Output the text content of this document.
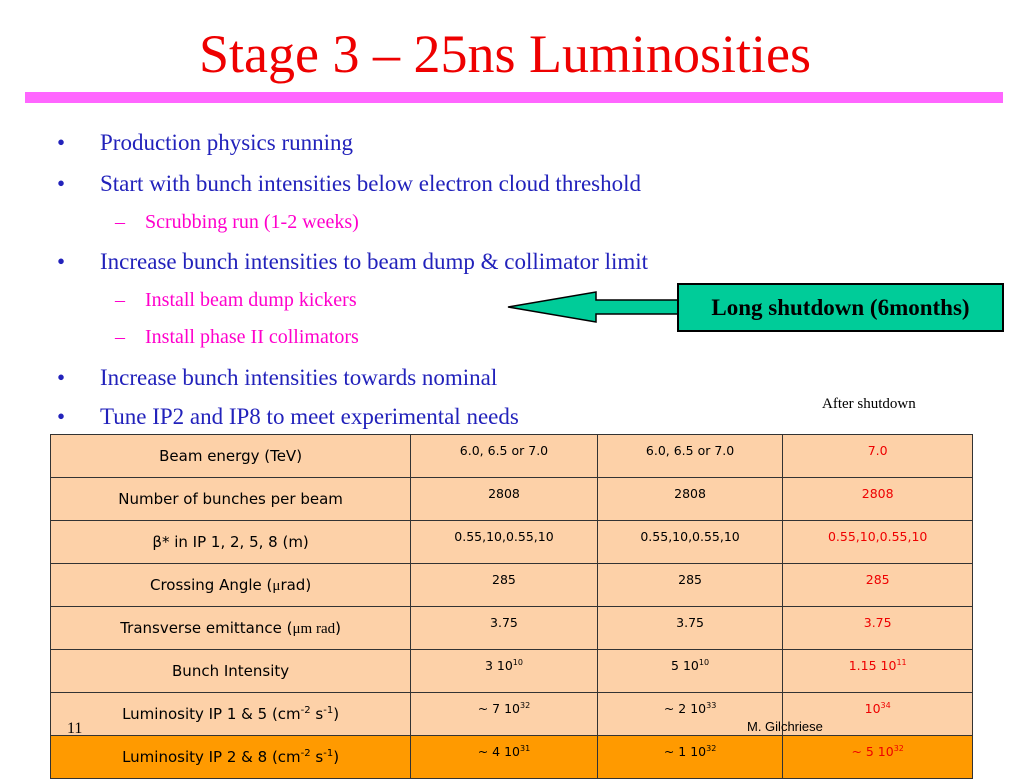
Stage 3 – 25ns Luminosities
• Production physics running
• Start with bunch intensities below electron cloud threshold
– Scrubbing run (1-2 weeks)
• Increase bunch intensities to beam dump & collimator limit
– Install beam dump kickers
– Install phase II collimators
• Increase bunch intensities towards nominal
• Tune IP2 and IP8 to meet experimental needs
Long shutdown (6months)
After shutdown
Beam energy (TeV)	6.0, 6.5 or 7.0	6.0, 6.5 or 7.0	7.0
Number of bunches per beam	2808	2808	2808
β* in IP 1, 2, 5, 8 (m)	0.55,10,0.55,10	0.55,10,0.55,10	0.55,10,0.55,10
Crossing Angle (μrad)	285	285	285
Transverse emittance (μm rad)	3.75	3.75	3.75
Bunch Intensity	3 $10^{10}$	5 $10^{10}$	1.15 $10^{11}$
Luminosity IP 1 & 5 ($cm^{-2}$ $s^{-1}$)	~ 7 $10^{32}$	~ 2 $10^{33}$	$10^{34}$
Luminosity IP 2 & 8 ($cm^{-2}$ $s^{-1}$)	~ 4 $10^{31}$	~ 1 $10^{32}$	~ 5 $10^{32}$
11	M. Gilchriese
